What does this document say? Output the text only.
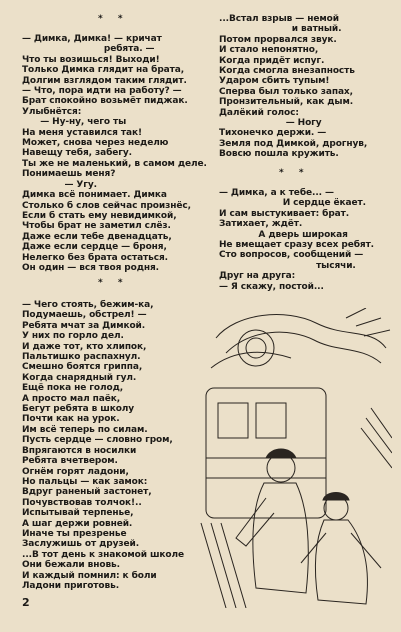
* *
— Димка, Димка! — кричат
ребята. —
Что ты возишься! Выходи!
Только Димка глядит на брата,
Долгим взглядом таким глядит.
— Что, пора идти на работу? —
Брат спокойно возьмёт пиджак.
Улыбнётся:
— Ну-ну, чего ты
На меня уставился так!
Может, снова через неделю
Навещу тебя, забегу.
Ты же не маленький, в самом деле.
Понимаешь меня?
— Угу.
Димка всё понимает. Димка
Столько б слов сейчас произнёс,
Если б стать ему невидимкой,
Чтобы брат не заметил слёз.
Даже если тебе двенадцать,
Даже если сердце — броня,
Нелегко без брата остаться.
Он один — вся твоя родня.
* *
— Чего стоять, бежим-ка,
Подумаешь, обстрел! —
Ребята мчат за Димкой.
У них по горло дел.
И даже тот, кто хлипок,
Пальтишко распахнул.
Смешно боятся гриппа,
Когда снарядный гул.
Ещё пока не голод,
А просто мал паёк,
Бегут ребята в школу
Почти как на урок.
Им всё теперь по силам.
Пусть сердце — словно гром,
Впрягаются в носилки
Ребята вчетвером.
Огнём горят ладони,
Но пальцы — как замок:
Вдруг раненый застонет,
Почувствовав толчок!..
Испытывай терпенье,
А шаг держи ровней.
Иначе ты презренье
Заслужишь от друзей.
...В тот день к знакомой школе
Они бежали вновь.
И каждый помнил: к боли
Ладони приготовь.
...Встал взрыв — немой
и ватный.
Потом прорвался звук.
И стало непонятно,
Когда придёт испуг.
Когда смогла внезапность
Ударом сбить тупым!
Сперва был только запах,
Пронзительный, как дым.
Далёкий голос:
— Ногу
Тихонечко держи. —
Земля под Димкой, дрогнув,
Вовсю пошла кружить.
* *
— Димка, а к тебе... —
И сердце ёкает.
И сам выстукивает: брат.
Затихает, ждёт.
А дверь широкая
Не вмещает сразу всех ребят.
Сто вопросов, сообщений —
тысячи.
Друг на друга:
— Я скажу, постой...
2
